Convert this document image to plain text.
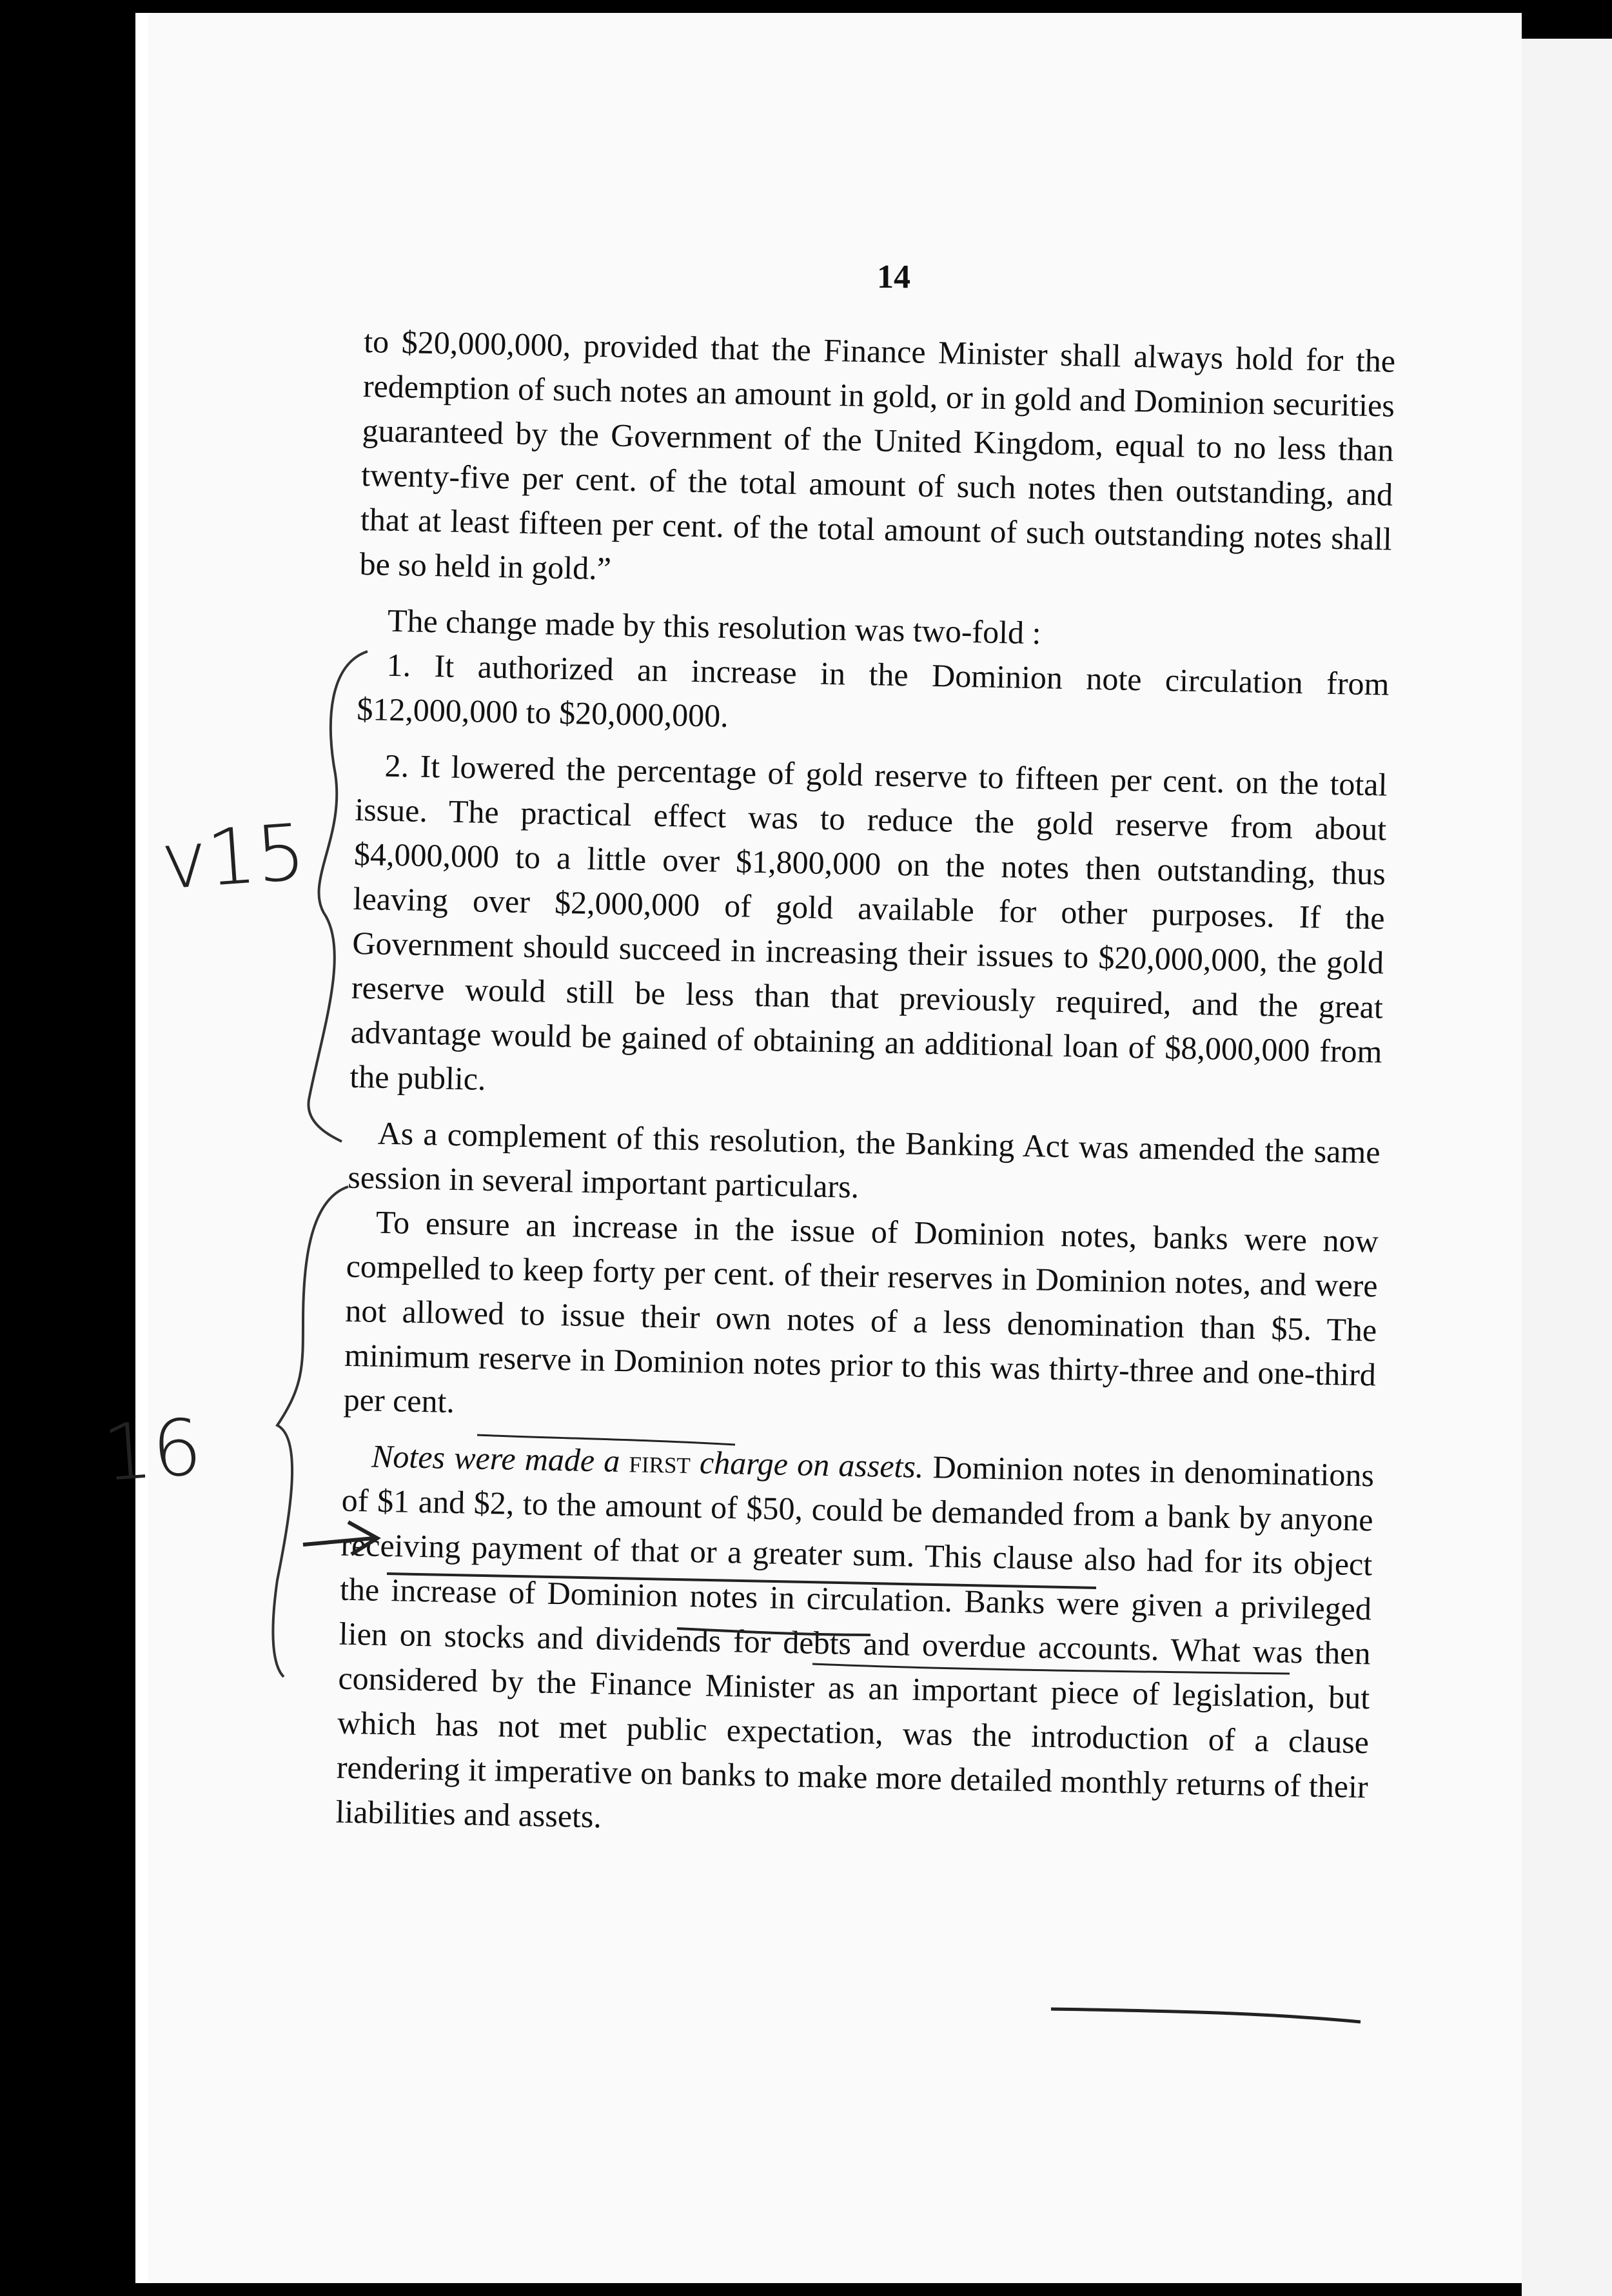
14

to $20,000,000, provided that the Finance Minister shall always hold for the redemption of such notes an amount in gold, or in gold and Dominion securities guaranteed by the Government of the United Kingdom, equal to no less than twenty-five per cent. of the total amount of such notes then outstanding, and that at least fifteen per cent. of the total amount of such outstanding notes shall be so held in gold.”

The change made by this resolution was two-fold :

1. It authorized an increase in the Dominion note circulation from $12,000,000 to $20,000,000.

2. It lowered the percentage of gold reserve to fifteen per cent. on the total issue. The practical effect was to reduce the gold reserve from about $4,000,000 to a little over $1,800,000 on the notes then outstanding, thus leaving over $2,000,000 of gold available for other purposes. If the Government should succeed in increasing their issues to $20,000,000, the gold reserve would still be less than that previously required, and the great advantage would be gained of obtaining an additional loan of $8,000,000 from the public.

As a complement of this resolution, the Banking Act was amended the same session in several important particulars.

To ensure an increase in the issue of Dominion notes, banks were now compelled to keep forty per cent. of their reserves in Dominion notes, and were not allowed to issue their own notes of a less denomination than $5. The minimum reserve in Dominion notes prior to this was thirty-three and one-third per cent.

Notes were made a first charge on assets. Dominion notes in denominations of $1 and $2, to the amount of $50, could be demanded from a bank by anyone receiving payment of that or a greater sum. This clause also had for its object the increase of Dominion notes in circulation. Banks were given a privileged lien on stocks and dividends for debts and overdue accounts. What was then considered by the Finance Minister as an important piece of legislation, but which has not met public expectation, was the introduction of a clause rendering it imperative on banks to make more detailed monthly returns of their liabilities and assets.

v15
16
